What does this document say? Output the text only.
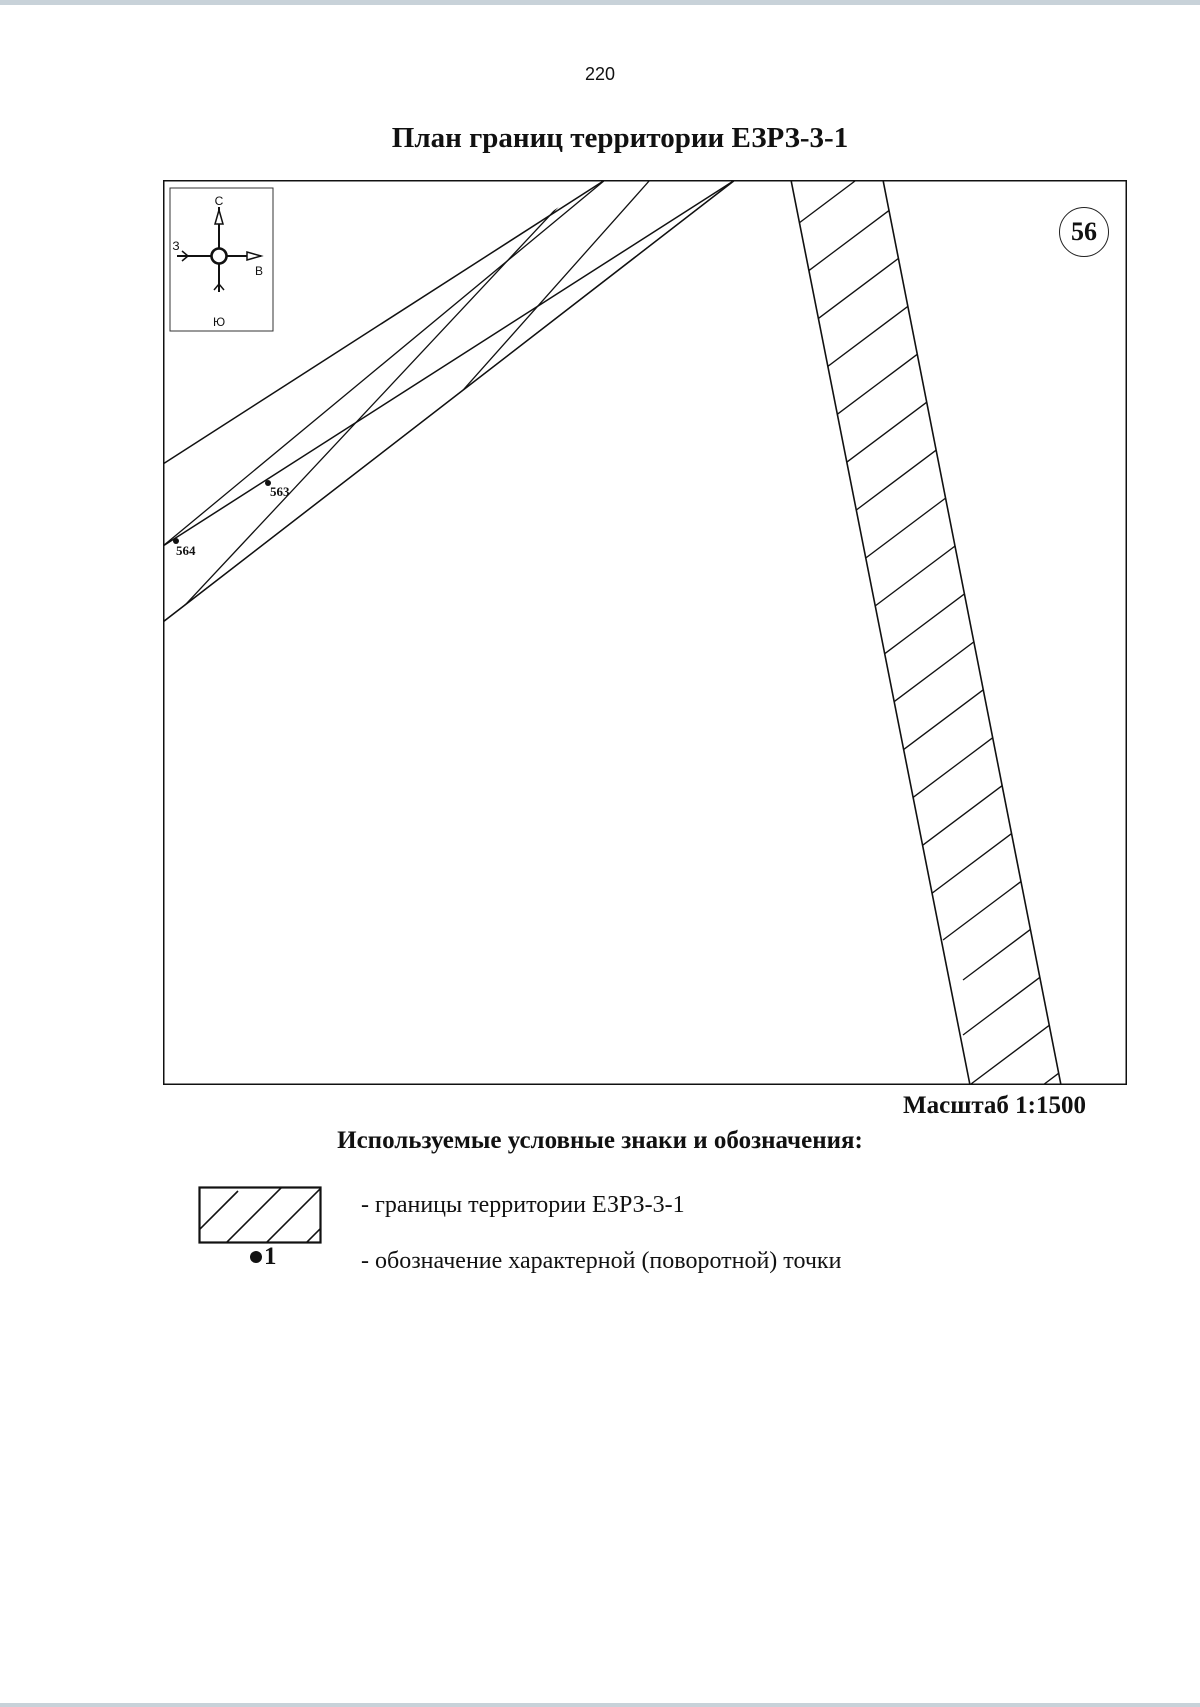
220
План границ территории ЕЗРЗ-3-1
С
Ю
З
В
56
563
564
Масштаб 1:1500
Используемые условные знаки и обозначения:
1
- границы территории ЕЗРЗ-3-1
- обозначение характерной (поворотной) точки
